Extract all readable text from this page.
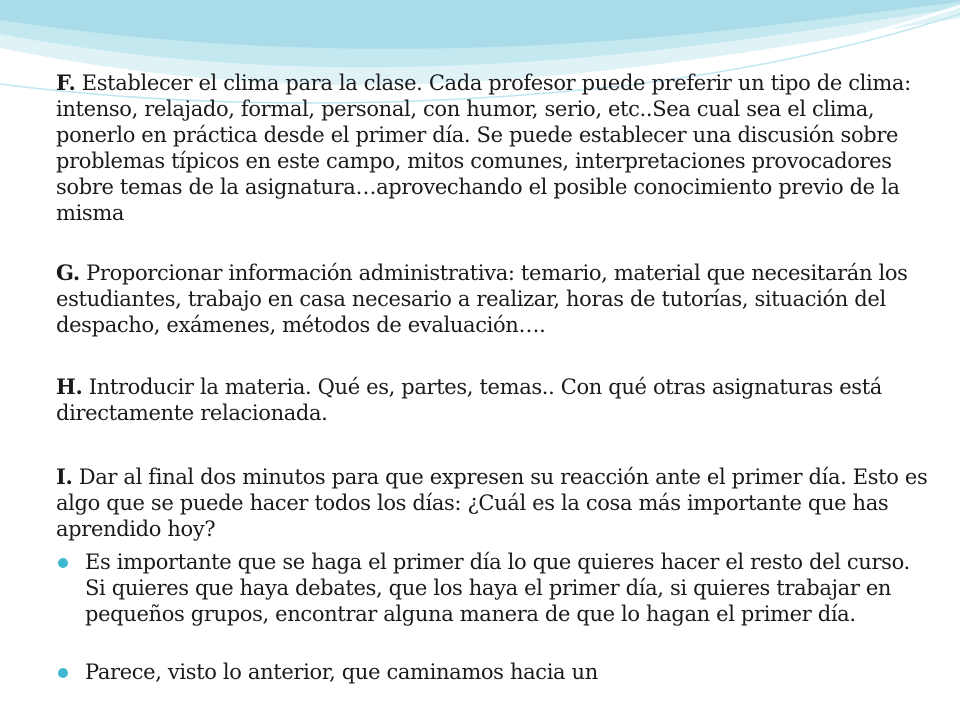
F. Establecer el clima para la clase. Cada profesor puede preferir un tipo de clima: intenso, relajado, formal, personal, con humor, serio, etc..Sea cual sea el clima, ponerlo en práctica desde el primer día. Se puede establecer una discusión sobre problemas típicos en este campo, mitos comunes, interpretaciones provocadores sobre temas de la asignatura…aprovechando el posible conocimiento previo de la misma

G. Proporcionar información administrativa: temario, material que necesitarán los estudiantes, trabajo en casa necesario a realizar, horas de tutorías, situación del despacho, exámenes, métodos de evaluación….

H. Introducir la materia. Qué es, partes, temas.. Con qué otras asignaturas está directamente relacionada.

I. Dar al final dos minutos para que expresen su reacción ante el primer día. Esto es algo que se puede hacer todos los días: ¿Cuál es la cosa más importante que has aprendido hoy?

Es importante que se haga el primer día lo que quieres hacer el resto del curso. Si quieres que haya debates, que los haya el primer día, si quieres trabajar en pequeños grupos, encontrar alguna manera de que lo hagan el primer día.
Parece, visto lo anterior, que caminamos hacia un
